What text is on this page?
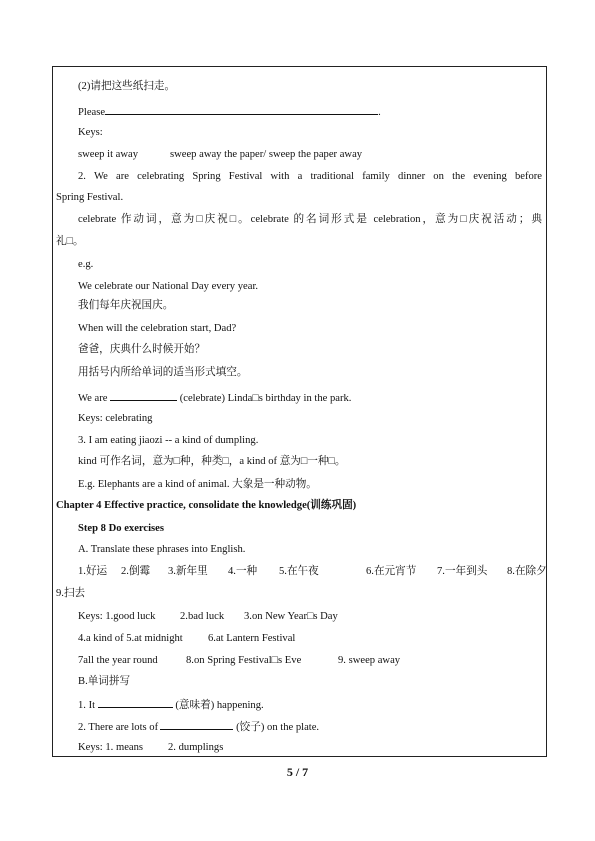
(2)请把这些纸扫走。
Please	.
Keys:
sweep it away	sweep away the paper/ sweep the paper away
2. We are celebrating Spring Festival with a traditional family dinner on the evening before
Spring Festival.
celebrate 作动词，意为□庆祝□。celebrate 的名词形式是 celebration，意为□庆祝活动；典
礼□。
e.g.
We celebrate our National Day every year.
我们每年庆祝国庆。
When will the celebration start, Dad?
爸爸，庆典什么时候开始？
用括号内所给单词的适当形式填空。
We are	(celebrate) Linda□s birthday in the park.
Keys: celebrating
3. I am eating jiaozi -- a kind of dumpling.
kind 可作名词，意为□种，种类□，a kind of 意为□一种□。
E.g. Elephants are a kind of animal. 大象是一种动物。
Chapter 4 Effective practice, consolidate the knowledge(训练巩固)
Step 8 Do exercises
A. Translate these phrases into English.
1.好运 2.倒霉 3.新年里 4.一种 5.在午夜	6.在元宵节 7.一年到头 8.在除夕
9.扫去
Keys: 1.good luck 2.bad luck 3.on New Year□s Day
4.a kind of 5.at midnight 6.at Lantern Festival
7all the year round	8.on Spring Festival□s Eve	9. sweep away
B.单词拼写
1. It	(意味着) happening.
2. There are lots of	(饺子) on the plate.
Keys: 1. means 2. dumplings
5 / 7
